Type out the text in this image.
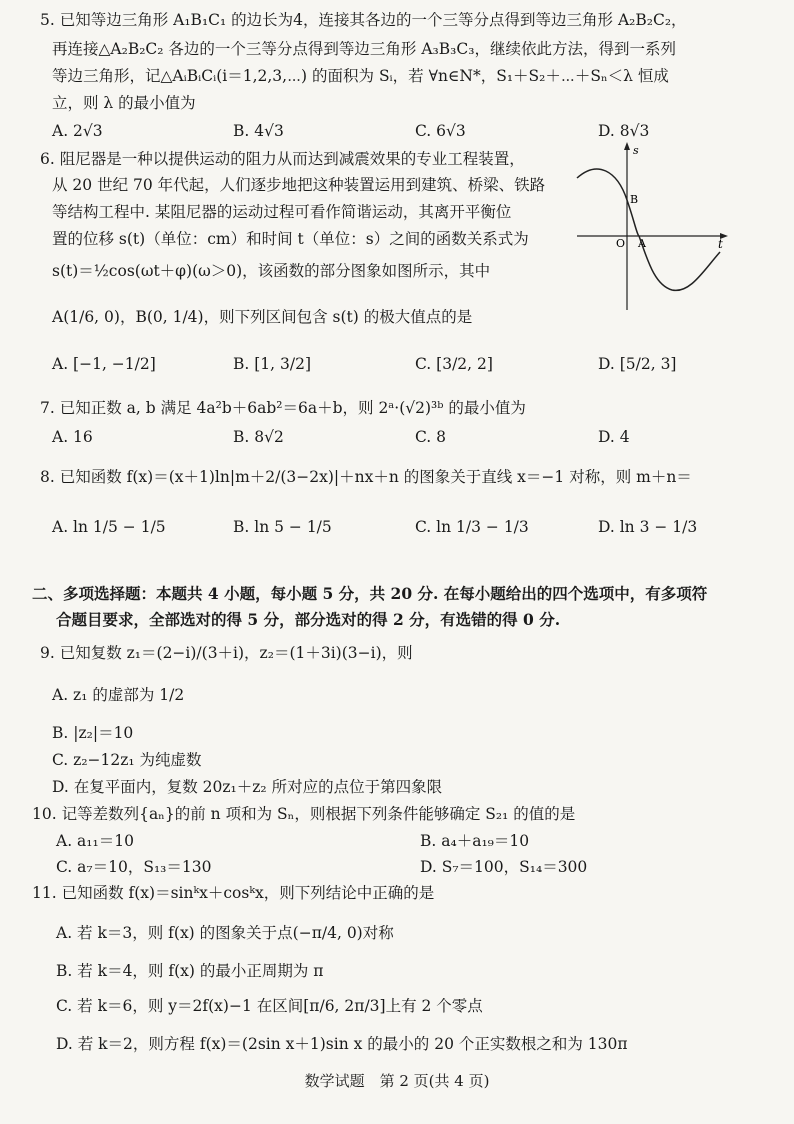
5. 已知等边三角形 A₁B₁C₁ 的边长为4，连接其各边的一个三等分点得到等边三角形 A₂B₂C₂，
再连接△A₂B₂C₂ 各边的一个三等分点得到等边三角形 A₃B₃C₃，继续依此方法，得到一系列
等边三角形，记△AᵢBᵢCᵢ(i＝1,2,3,⋯) 的面积为 Sᵢ，若 ∀n∈N*，S₁＋S₂＋⋯＋Sₙ＜λ 恒成
立，则 λ 的最小值为
A. 2√3	B. 4√3	C. 6√3	D. 8√3
6. 阻尼器是一种以提供运动的阻力从而达到减震效果的专业工程装置，
从 20 世纪 70 年代起，人们逐步地把这种装置运用到建筑、桥梁、铁路
等结构工程中. 某阻尼器的运动过程可看作简谐运动，其离开平衡位
置的位移 s(t)（单位：cm）和时间 t（单位：s）之间的函数关系式为
s(t)＝½cos(ωt＋φ)(ω＞0)，该函数的部分图象如图所示，其中
A(1/6, 0)，B(0, 1/4)，则下列区间包含 s(t) 的极大值点的是
s
t
O A
B
A. [−1, −1/2]	B. [1, 3/2]	C. [3/2, 2]	D. [5/2, 3]
7. 已知正数 a, b 满足 4a²b＋6ab²＝6a＋b，则 2ᵃ·(√2)³ᵇ 的最小值为
A. 16	B. 8√2	C. 8	D. 4
8. 已知函数 f(x)＝(x＋1)ln|m＋2/(3−2x)|＋nx＋n 的图象关于直线 x＝−1 对称，则 m＋n＝
A. ln 1/5 − 1/5	B. ln 5 − 1/5	C. ln 1/3 − 1/3	D. ln 3 − 1/3
二、多项选择题：本题共 4 小题，每小题 5 分，共 20 分. 在每小题给出的四个选项中，有多项符
合题目要求，全部选对的得 5 分，部分选对的得 2 分，有选错的得 0 分.
9. 已知复数 z₁＝(2−i)/(3＋i)，z₂＝(1＋3i)(3−i)，则
A. z₁ 的虚部为 1/2
B. |z₂|＝10
C. z₂−12z₁ 为纯虚数
D. 在复平面内，复数 20z₁＋z₂ 所对应的点位于第四象限
10. 记等差数列{aₙ}的前 n 项和为 Sₙ，则根据下列条件能够确定 S₂₁ 的值的是
A. a₁₁＝10	B. a₄＋a₁₉＝10
C. a₇＝10，S₁₃＝130	D. S₇＝100，S₁₄＝300
11. 已知函数 f(x)＝sinᵏx＋cosᵏx，则下列结论中正确的是
A. 若 k＝3，则 f(x) 的图象关于点(−π/4, 0)对称
B. 若 k＝4，则 f(x) 的最小正周期为 π
C. 若 k＝6，则 y＝2f(x)−1 在区间[π/6, 2π/3]上有 2 个零点
D. 若 k＝2，则方程 f(x)＝(2sin x＋1)sin x 的最小的 20 个正实数根之和为 130π
数学试题　第 2 页(共 4 页)
